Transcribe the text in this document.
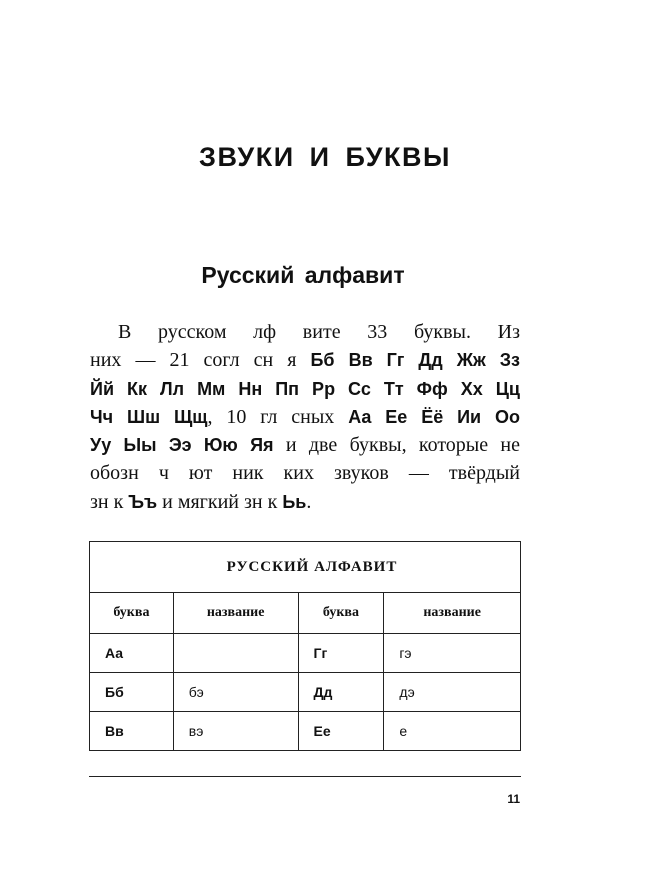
ЗВУКИ И БУКВЫ
Русский алфавит
В русском лф вите 33 буквы. Из
них — 21 согл сн я Бб Вв Гг Дд Жж Зз
Йй Кк Лл Мм Нн Пп Рр Сс Тт Фф Хх Цц
Чч Шш Щщ, 10 гл сных Аа Ее Ёё Ии Оо
Уу Ыы Ээ Юю Яя и две буквы, которые не
обозн ч ют ник ких звуков — твёрдый
зн к Ъъ и мягкий зн к Ьь.
РУССКИЙ АЛФАВИТ			
буква	название	буква	название
Аа		Гг	гэ
Бб	бэ	Дд	дэ
Вв	вэ	Ее	е
11
